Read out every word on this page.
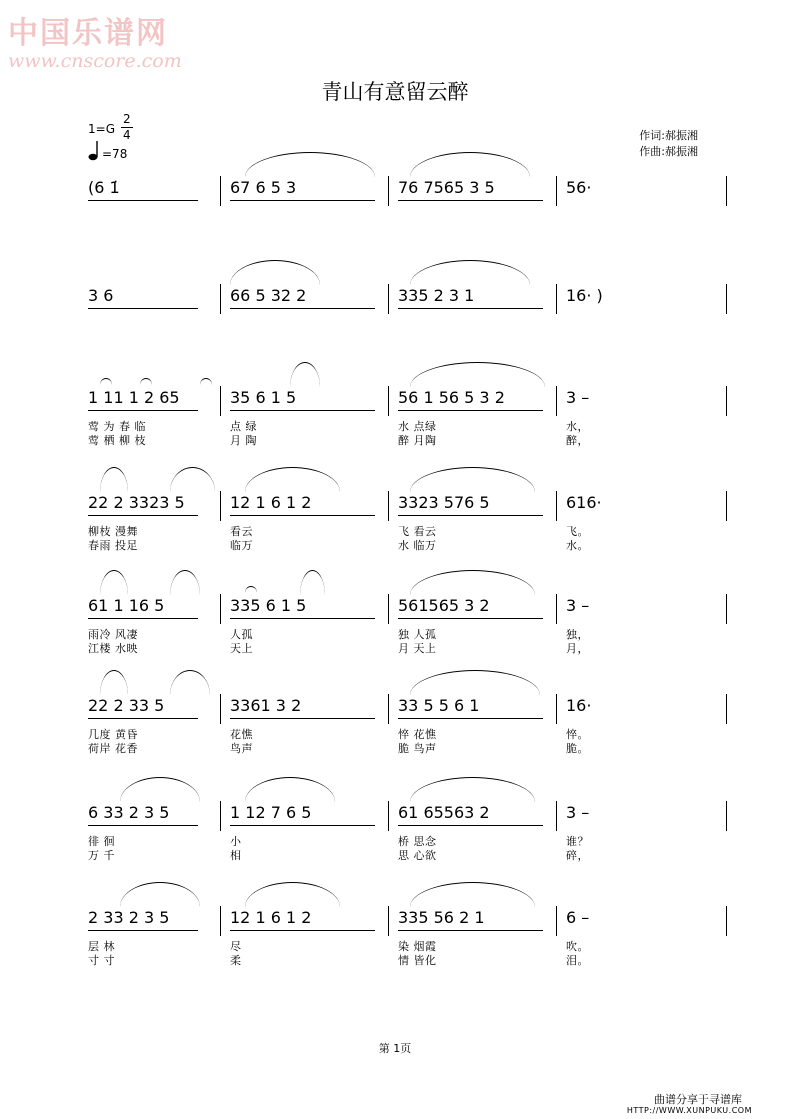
中国乐谱网
www.cnscore.com
青山有意留云醉
1=G
2
4
=78
作词:郝振湘
作曲:郝振湘
(6 1̇	67 6 5 3	76 7565 3 5	56·
3 6	66 5 32 2	335 2 3 1	16· )
1 11 1 2 65
莺 为 春 临
莺 栖 柳 枝
35 6 1 5
点 绿
月 陶
56 1 56 5 3 2
水 点绿
醉 月陶
3 –
水，
醉，
22 2 3323 5
柳枝 漫舞
春雨 投足
12 1 6 1 2
看云
临万
3323 576 5
飞 看云
水 临万
616·
飞。
水。
61 1 16 5
雨冷 风凄
江楼 水映
335 6 1 5
人孤
天上
561565 3 2
独 人孤
月 天上
3 –
独，
月，
22 2 33 5
几度 黄昏
荷岸 花香
3361 3 2
花憔
鸟声
33 5 5 6 1
悴 花憔
脆 鸟声
16·
悴。
脆。
6 33 2 3 5
徘 徊
万 千
1 12 7 6 5
小
相
61 65563 2
桥 思念
思 心欲
3 –
谁？
碎，
2 33 2 3 5
层 林
寸 寸
12 1 6 1 2
尽
柔
335 56 2 1
染 烟霞
情 皆化
6 –
吹。
泪。
第 1页
曲谱分享于寻谱库
HTTP://WWW.XUNPUKU.COM
